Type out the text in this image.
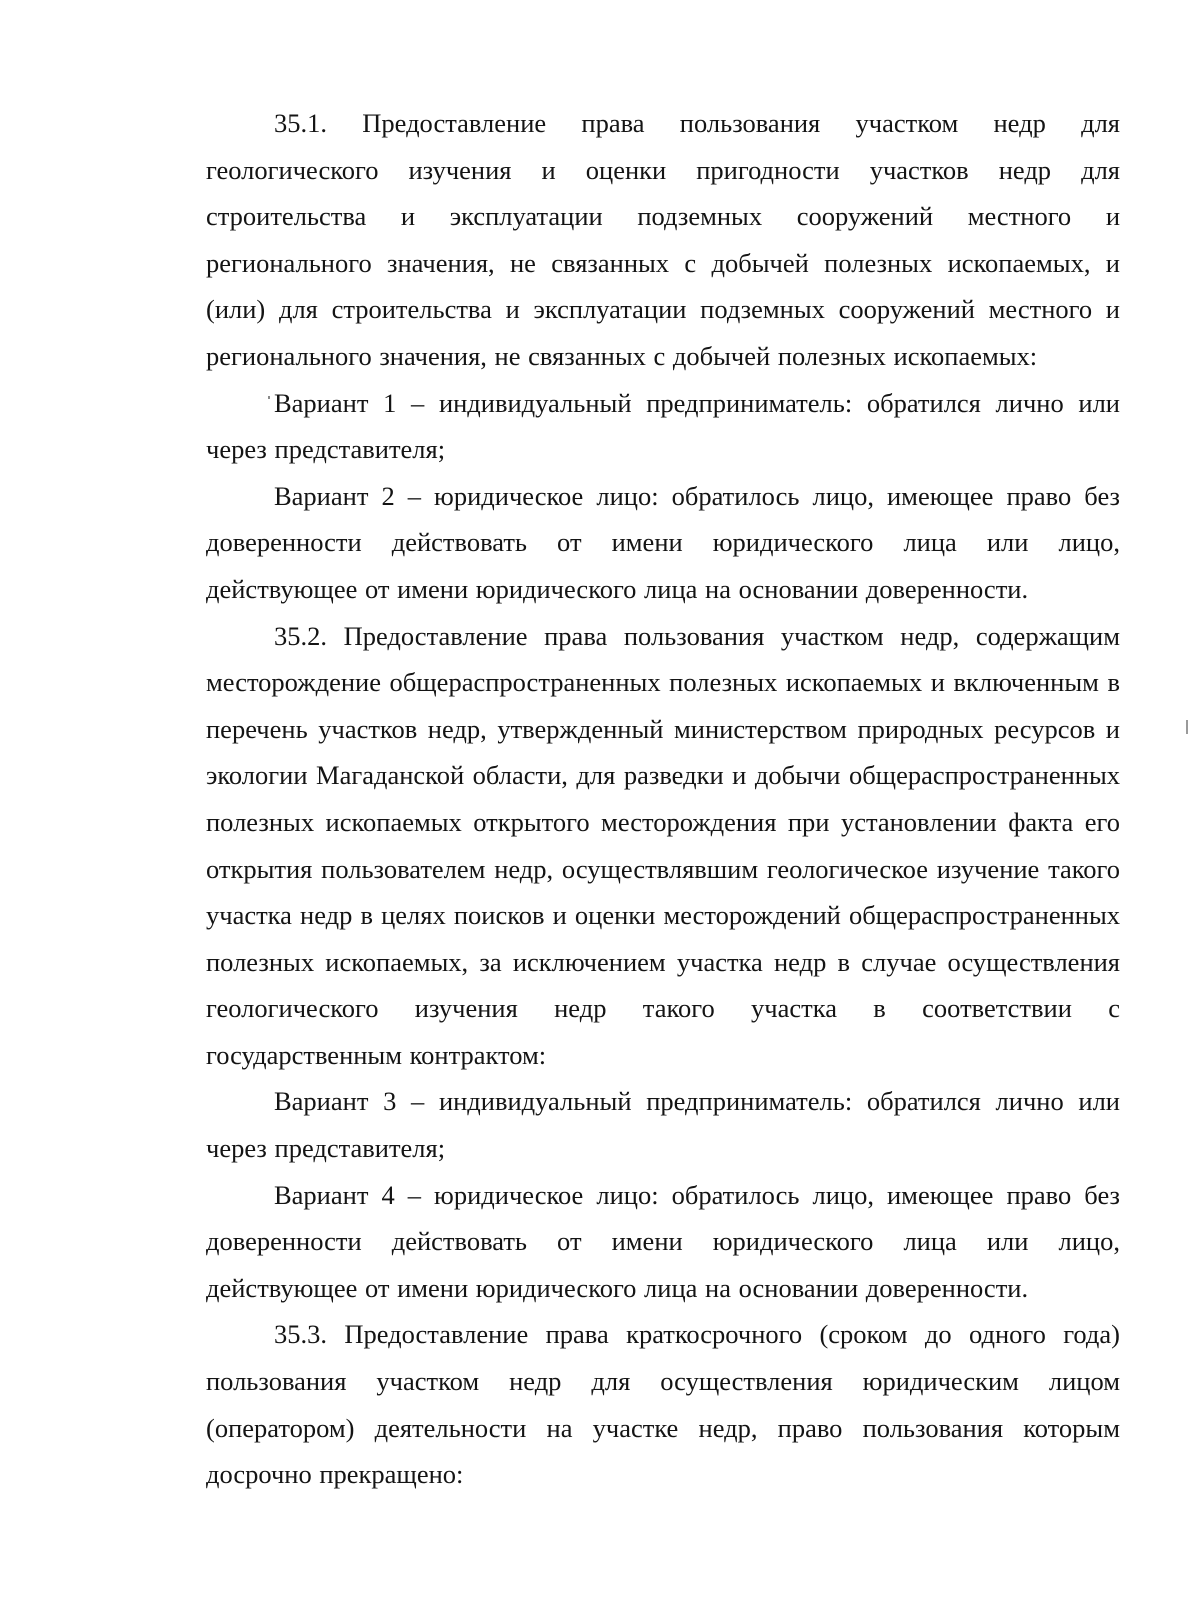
35.1. Предоставление права пользования участком недр для геологического изучения и оценки пригодности участков недр для строительства и эксплуатации подземных сооружений местного и регионального значения, не связанных с добычей полезных ископаемых, и (или) для строительства и эксплуатации подземных сооружений местного и регионального значения, не связанных с добычей полезных ископаемых:

Вариант 1 – индивидуальный предприниматель: обратился лично или через представителя;

Вариант 2 – юридическое лицо: обратилось лицо, имеющее право без доверенности действовать от имени юридического лица или лицо, действующее от имени юридического лица на основании доверенности.

35.2. Предоставление права пользования участком недр, содержащим месторождение общераспространенных полезных ископаемых и включенным в перечень участков недр, утвержденный министерством природных ресурсов и экологии Магаданской области, для разведки и добычи общераспространенных полезных ископаемых открытого месторождения при установлении факта его открытия пользователем недр, осуществлявшим геологическое изучение такого участка недр в целях поисков и оценки месторождений общераспространенных полезных ископаемых, за исключением участка недр в случае осуществления геологического изучения недр такого участка в соответствии с государственным контрактом:

Вариант 3 – индивидуальный предприниматель: обратился лично или через представителя;

Вариант 4 – юридическое лицо: обратилось лицо, имеющее право без доверенности действовать от имени юридического лица или лицо, действующее от имени юридического лица на основании доверенности.

35.3. Предоставление права краткосрочного (сроком до одного года) пользования участком недр для осуществления юридическим лицом (оператором) деятельности на участке недр, право пользования которым досрочно прекращено:
